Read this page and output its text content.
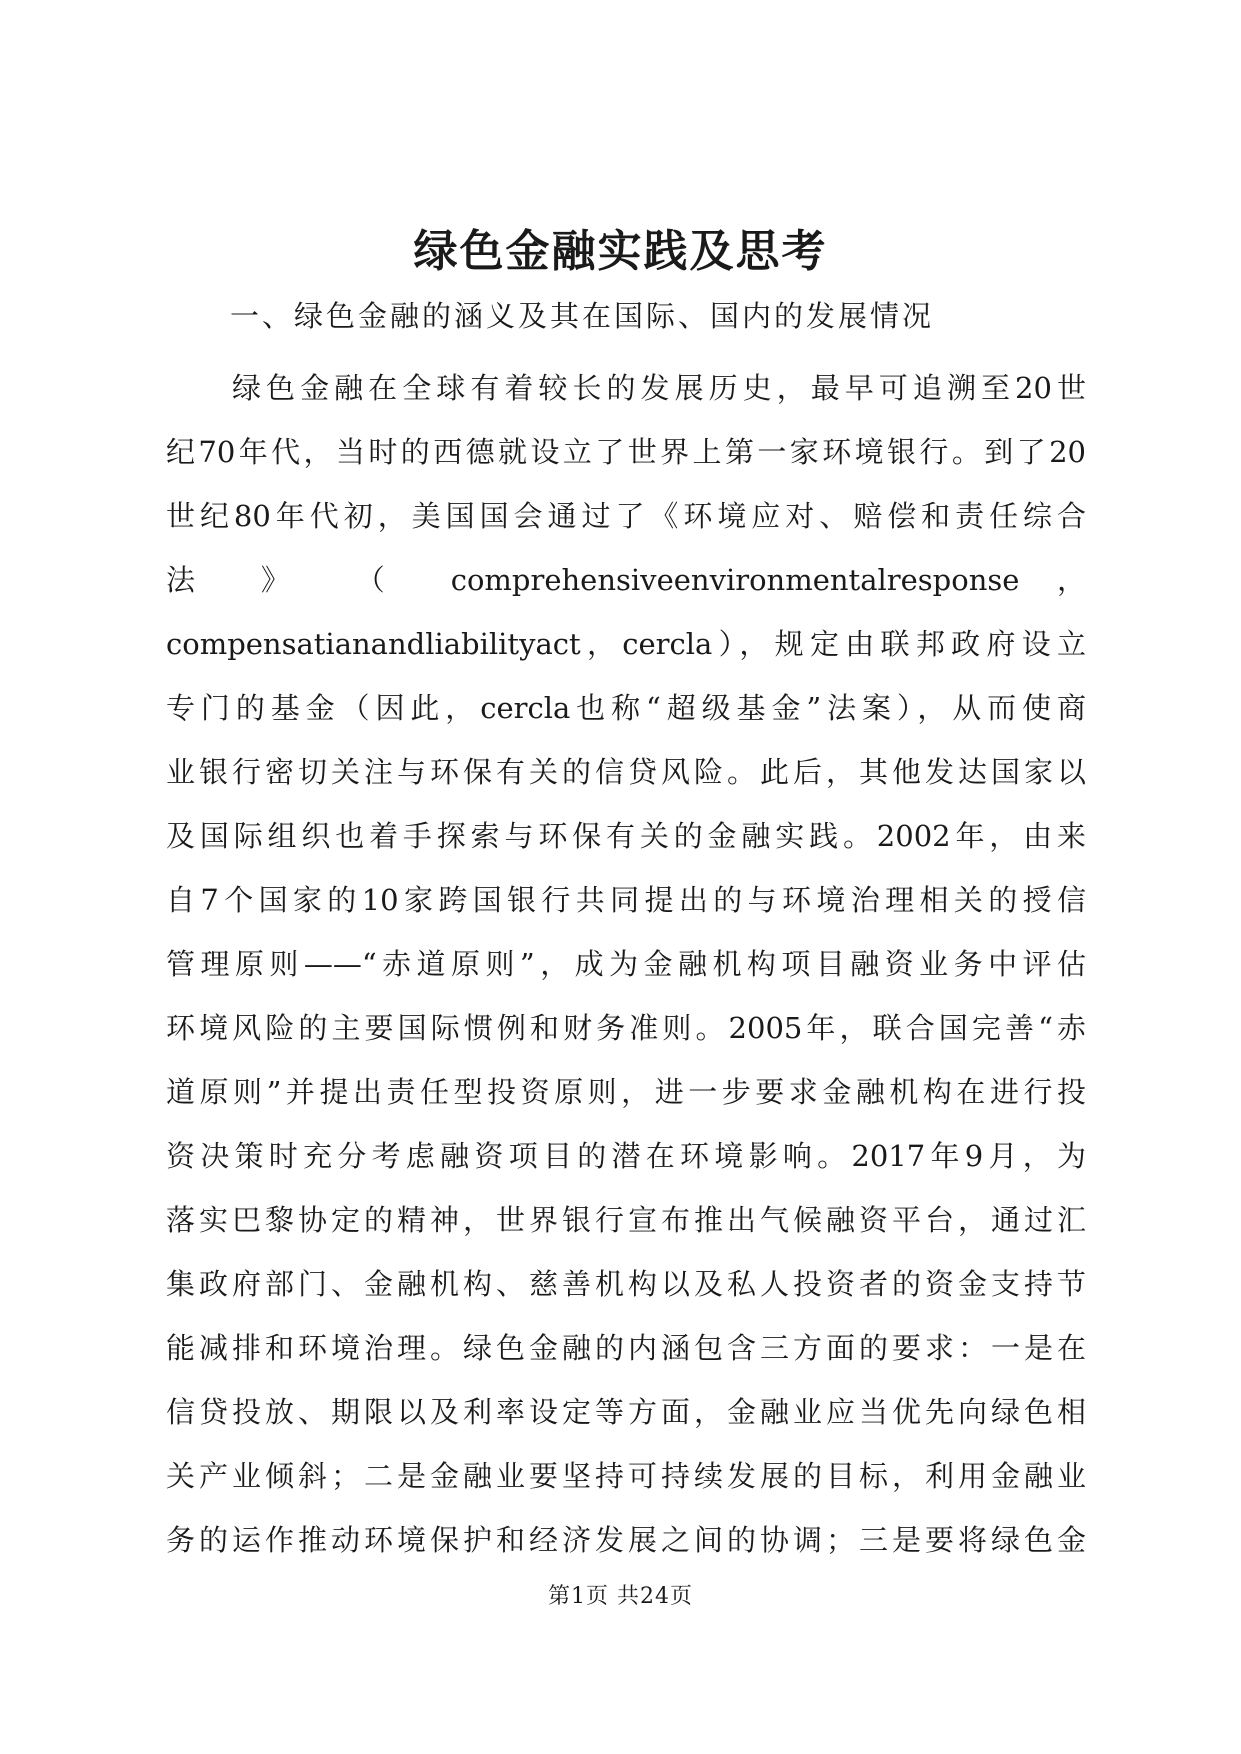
绿色金融实践及思考
一、绿色金融的涵义及其在国际、国内的发展情况
绿色金融在全球有着较长的发展历史，最早可追溯至20世
纪70年代，当时的西德就设立了世界上第一家环境银行。到了20
世纪80年代初，美国国会通过了《环境应对、赔偿和责任综合
法 》 （ comprehensiveenvironmentalresponse ，
compensatianandliabilityact，cercla），规定由联邦政府设立
专门的基金（因此，cercla也称“超级基金”法案），从而使商
业银行密切关注与环保有关的信贷风险。此后，其他发达国家以
及国际组织也着手探索与环保有关的金融实践。2002年，由来
自7个国家的10家跨国银行共同提出的与环境治理相关的授信
管理原则——“赤道原则”，成为金融机构项目融资业务中评估
环境风险的主要国际惯例和财务准则。2005年，联合国完善“赤
道原则”并提出责任型投资原则，进一步要求金融机构在进行投
资决策时充分考虑融资项目的潜在环境影响。2017年9月，为
落实巴黎协定的精神，世界银行宣布推出气候融资平台，通过汇
集政府部门、金融机构、慈善机构以及私人投资者的资金支持节
能减排和环境治理。绿色金融的内涵包含三方面的要求：一是在
信贷投放、期限以及利率设定等方面，金融业应当优先向绿色相
关产业倾斜；二是金融业要坚持可持续发展的目标，利用金融业
务的运作推动环境保护和经济发展之间的协调；三是要将绿色金
第1页 共24页
